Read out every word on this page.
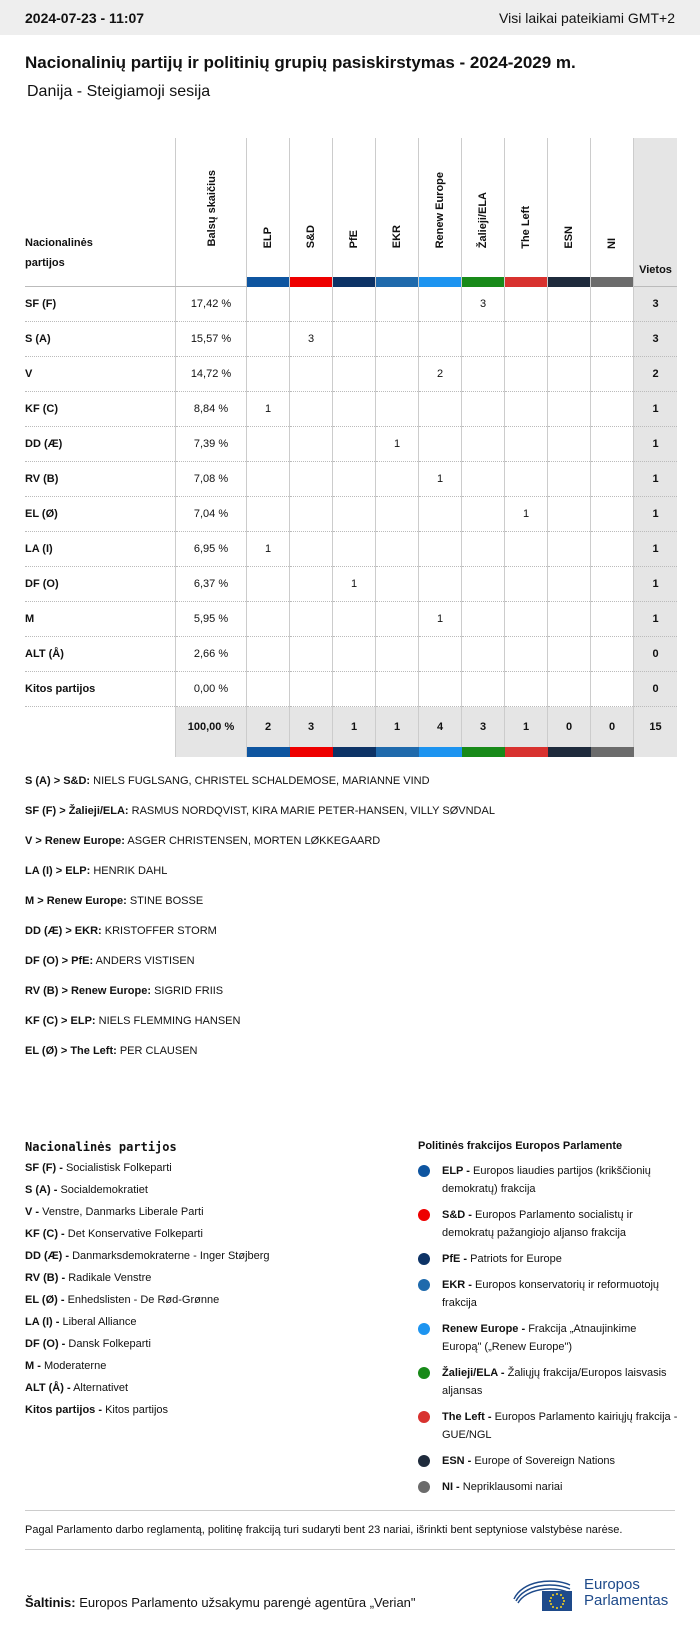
2024-07-23 - 11:07	Visi laikai pateikiami GMT+2
Nacionalinių partijų ir politinių grupių pasiskirstymas - 2024-2029 m.
Danija - Steigiamoji sesija
Nacionalinės partijos	Balsų skaičius	ELP	S&D	PfE	EKR	Renew Europe	Žalieji/ELA	The Left	ESN	NI	Vietos
SF (F)	17,42 %						3				3
S (A)	15,57 %		3								3
V	14,72 %					2					2
KF (C)	8,84 %	1									1
DD (Æ)	7,39 %				1						1
RV (B)	7,08 %					1					1
EL (Ø)	7,04 %							1			1
LA (I)	6,95 %	1									1
DF (O)	6,37 %			1							1
M	5,95 %					1					1
ALT (Å)	2,66 %										0
Kitos partijos	0,00 %										0
	100,00 %	2	3	1	1	4	3	1	0	0	15

S (A) > S&D: NIELS FUGLSANG, CHRISTEL SCHALDEMOSE, MARIANNE VIND
SF (F) > Žalieji/ELA: RASMUS NORDQVIST, KIRA MARIE PETER-HANSEN, VILLY SØVNDAL
V > Renew Europe: ASGER CHRISTENSEN, MORTEN LØKKEGAARD
LA (I) > ELP: HENRIK DAHL
M > Renew Europe: STINE BOSSE
DD (Æ) > EKR: KRISTOFFER STORM
DF (O) > PfE: ANDERS VISTISEN
RV (B) > Renew Europe: SIGRID FRIIS
KF (C) > ELP: NIELS FLEMMING HANSEN
EL (Ø) > The Left: PER CLAUSEN
Nacionalinės partijos
SF (F) - Socialistisk Folkeparti
S (A) - Socialdemokratiet
V - Venstre, Danmarks Liberale Parti
KF (C) - Det Konservative Folkeparti
DD (Æ) - Danmarksdemokraterne - Inger Støjberg
RV (B) - Radikale Venstre
EL (Ø) - Enhedslisten - De Rød-Grønne
LA (I) - Liberal Alliance
DF (O) - Dansk Folkeparti
M - Moderaterne
ALT (Å) - Alternativet
Kitos partijos - Kitos partijos
Politinės frakcijos Europos Parlamente
ELP - Europos liaudies partijos (krikščionių demokratų) frakcija
S&D - Europos Parlamento socialistų ir demokratų pažangiojo aljanso frakcija
PfE - Patriots for Europe
EKR - Europos konservatorių ir reformuotojų frakcija
Renew Europe - Frakcija „Atnaujinkime Europą" („Renew Europe")
Žalieji/ELA - Žaliųjų frakcija/Europos laisvasis aljansas
The Left - Europos Parlamento kairiųjų frakcija - GUE/NGL
ESN - Europe of Sovereign Nations
NI - Nepriklausomi nariai
Pagal Parlamento darbo reglamentą, politinę frakciją turi sudaryti bent 23 nariai, išrinkti bent septyniose valstybėse narėse.
Šaltinis: Europos Parlamento užsakymu parengė agentūra „Verian"
Europos
Parlamentas
